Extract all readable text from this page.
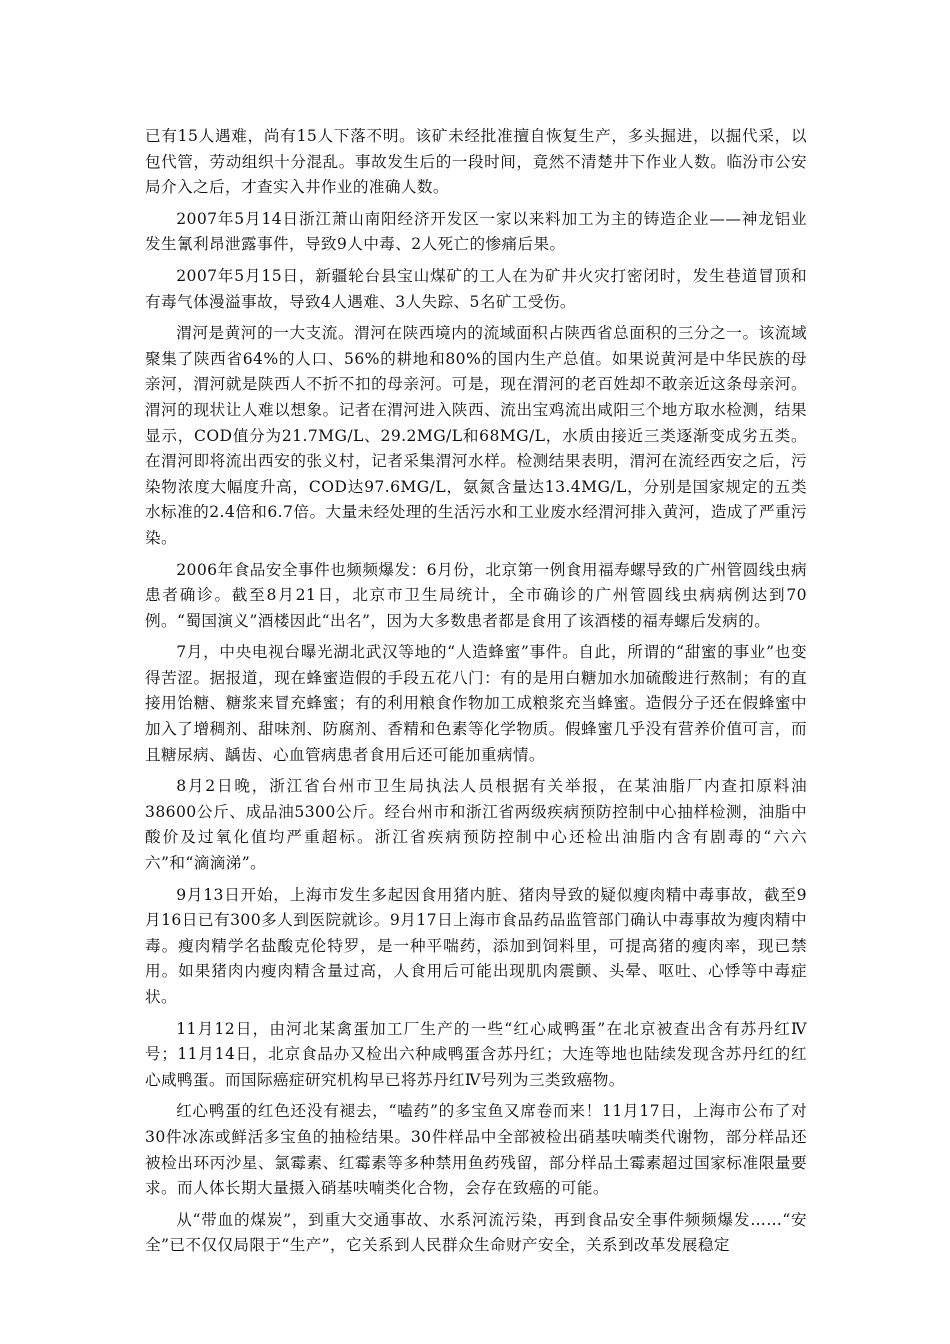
已有15人遇难，尚有15人下落不明。该矿未经批准擅自恢复生产，多头掘进，以掘代采，以包代管，劳动组织十分混乱。事故发生后的一段时间，竟然不清楚井下作业人数。临汾市公安局介入之后，才查实入井作业的准确人数。

2007年5月14日浙江萧山南阳经济开发区一家以来料加工为主的铸造企业——神龙铝业发生氰利昂泄露事件，导致9人中毒、2人死亡的惨痛后果。

2007年5月15日，新疆轮台县宝山煤矿的工人在为矿井火灾打密闭时，发生巷道冒顶和有毒气体漫溢事故，导致4人遇难、3人失踪、5名矿工受伤。

渭河是黄河的一大支流。渭河在陕西境内的流域面积占陕西省总面积的三分之一。该流域聚集了陕西省64%的人口、56%的耕地和80%的国内生产总值。如果说黄河是中华民族的母亲河，渭河就是陕西人不折不扣的母亲河。可是，现在渭河的老百姓却不敢亲近这条母亲河。渭河的现状让人难以想象。记者在渭河进入陕西、流出宝鸡流出咸阳三个地方取水检测，结果显示，COD值分为21.7MG/L、29.2MG/L和68MG/L，水质由接近三类逐渐变成劣五类。在渭河即将流出西安的张义村，记者采集渭河水样。检测结果表明，渭河在流经西安之后，污染物浓度大幅度升高，COD达97.6MG/L，氨氮含量达13.4MG/L，分别是国家规定的五类水标准的2.4倍和6.7倍。大量未经处理的生活污水和工业废水经渭河排入黄河，造成了严重污染。

2006年食品安全事件也频频爆发：6月份，北京第一例食用福寿螺导致的广州管圆线虫病患者确诊。截至8月21日，北京市卫生局统计，全市确诊的广州管圆线虫病病例达到70例。“蜀国演义”酒楼因此“出名”，因为大多数患者都是食用了该酒楼的福寿螺后发病的。

7月，中央电视台曝光湖北武汉等地的“人造蜂蜜”事件。自此，所谓的“甜蜜的事业”也变得苦涩。据报道，现在蜂蜜造假的手段五花八门：有的是用白糖加水加硫酸进行熬制；有的直接用饴糖、糖浆来冒充蜂蜜；有的利用粮食作物加工成粮浆充当蜂蜜。造假分子还在假蜂蜜中加入了增稠剂、甜味剂、防腐剂、香精和色素等化学物质。假蜂蜜几乎没有营养价值可言，而且糖尿病、龋齿、心血管病患者食用后还可能加重病情。

8月2日晚，浙江省台州市卫生局执法人员根据有关举报，在某油脂厂内查扣原料油38600公斤、成品油5300公斤。经台州市和浙江省两级疾病预防控制中心抽样检测，油脂中酸价及过氧化值均严重超标。浙江省疾病预防控制中心还检出油脂内含有剧毒的“六六六”和“滴滴涕”。

9月13日开始，上海市发生多起因食用猪内脏、猪肉导致的疑似瘦肉精中毒事故，截至9月16日已有300多人到医院就诊。9月17日上海市食品药品监管部门确认中毒事故为瘦肉精中毒。瘦肉精学名盐酸克伦特罗，是一种平喘药，添加到饲料里，可提高猪的瘦肉率，现已禁用。如果猪肉内瘦肉精含量过高，人食用后可能出现肌肉震颤、头晕、呕吐、心悸等中毒症状。

11月12日，由河北某禽蛋加工厂生产的一些“红心咸鸭蛋”在北京被查出含有苏丹红Ⅳ号；11月14日，北京食品办又检出六种咸鸭蛋含苏丹红；大连等地也陆续发现含苏丹红的红心咸鸭蛋。而国际癌症研究机构早已将苏丹红Ⅳ号列为三类致癌物。

红心鸭蛋的红色还没有褪去，“嗑药”的多宝鱼又席卷而来！11月17日，上海市公布了对30件冰冻或鲜活多宝鱼的抽检结果。30件样品中全部被检出硝基呋喃类代谢物，部分样品还被检出环丙沙星、氯霉素、红霉素等多种禁用鱼药残留，部分样品土霉素超过国家标准限量要求。而人体长期大量摄入硝基呋喃类化合物，会存在致癌的可能。

从“带血的煤炭”，到重大交通事故、水系河流污染，再到食品安全事件频频爆发……“安全”已不仅仅局限于“生产”，它关系到人民群众生命财产安全，关系到改革发展稳定
